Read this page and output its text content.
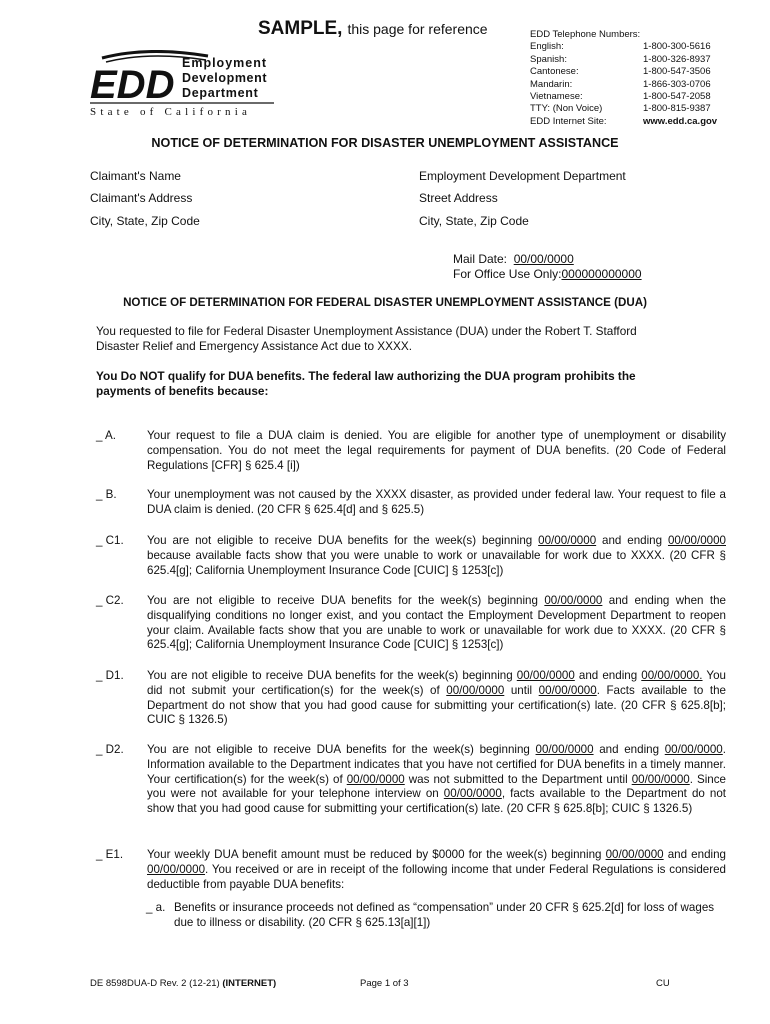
SAMPLE, this page for reference	EDD Telephone Numbers:
English:	1-800-300-5616
Spanish:	1-800-326-8937
Cantonese:	1-800-547-3506
Mandarin:	1-866-303-0706
Vietnamese:	1-800-547-2058
TTY: (Non Voice)	1-800-815-9387
EDD Internet Site:	www.edd.ca.gov
EDD Employment
Development
Department
State of California
NOTICE OF DETERMINATION FOR DISASTER UNEMPLOYMENT ASSISTANCE
Claimant's Name
Claimant's Address
City, State, Zip Code
Employment Development Department
Street Address
City, State, Zip Code
Mail Date: 00/00/0000
For Office Use Only:000000000000
NOTICE OF DETERMINATION FOR FEDERAL DISASTER UNEMPLOYMENT ASSISTANCE (DUA)
You requested to file for Federal Disaster Unemployment Assistance (DUA) under the Robert T. Stafford Disaster Relief and Emergency Assistance Act due to XXXX.
You Do NOT qualify for DUA benefits. The federal law authorizing the DUA program prohibits the payments of benefits because:
_ A.	Your request to file a DUA claim is denied. You are eligible for another type of unemployment or disability compensation. You do not meet the legal requirements for payment of DUA benefits. (20 Code of Federal Regulations [CFR] § 625.4 [i])
_ B.	Your unemployment was not caused by the XXXX disaster, as provided under federal law. Your request to file a DUA claim is denied. (20 CFR § 625.4[d] and § 625.5)
_ C1.	You are not eligible to receive DUA benefits for the week(s) beginning 00/00/0000 and ending 00/00/0000 because available facts show that you were unable to work or unavailable for work due to XXXX. (20 CFR § 625.4[g]; California Unemployment Insurance Code [CUIC] § 1253[c])
_ C2.	You are not eligible to receive DUA benefits for the week(s) beginning 00/00/0000 and ending when the disqualifying conditions no longer exist, and you contact the Employment Development Department to reopen your claim. Available facts show that you are unable to work or unavailable for work due to XXXX. (20 CFR § 625.4[g]; California Unemployment Insurance Code [CUIC] § 1253[c])
_ D1.	You are not eligible to receive DUA benefits for the week(s) beginning 00/00/0000 and ending 00/00/0000. You did not submit your certification(s) for the week(s) of 00/00/0000 until 00/00/0000. Facts available to the Department do not show that you had good cause for submitting your certification(s) late. (20 CFR § 625.8[b]; CUIC § 1326.5)
_ D2.	You are not eligible to receive DUA benefits for the week(s) beginning 00/00/0000 and ending 00/00/0000. Information available to the Department indicates that you have not certified for DUA benefits in a timely manner. Your certification(s) for the week(s) of 00/00/0000 was not submitted to the Department until 00/00/0000. Since you were not available for your telephone interview on 00/00/0000, facts available to the Department do not show that you had good cause for submitting your certification(s) late. (20 CFR § 625.8[b]; CUIC § 1326.5)
_ E1.	Your weekly DUA benefit amount must be reduced by $0000 for the week(s) beginning 00/00/0000 and ending 00/00/0000. You received or are in receipt of the following income that under Federal Regulations is considered deductible from payable DUA benefits:
_ a. Benefits or insurance proceeds not defined as “compensation” under 20 CFR § 625.2[d] for loss of wages due to illness or disability. (20 CFR § 625.13[a][1])
DE 8598DUA-D Rev. 2 (12-21) (INTERNET)	Page 1 of 3	CU
